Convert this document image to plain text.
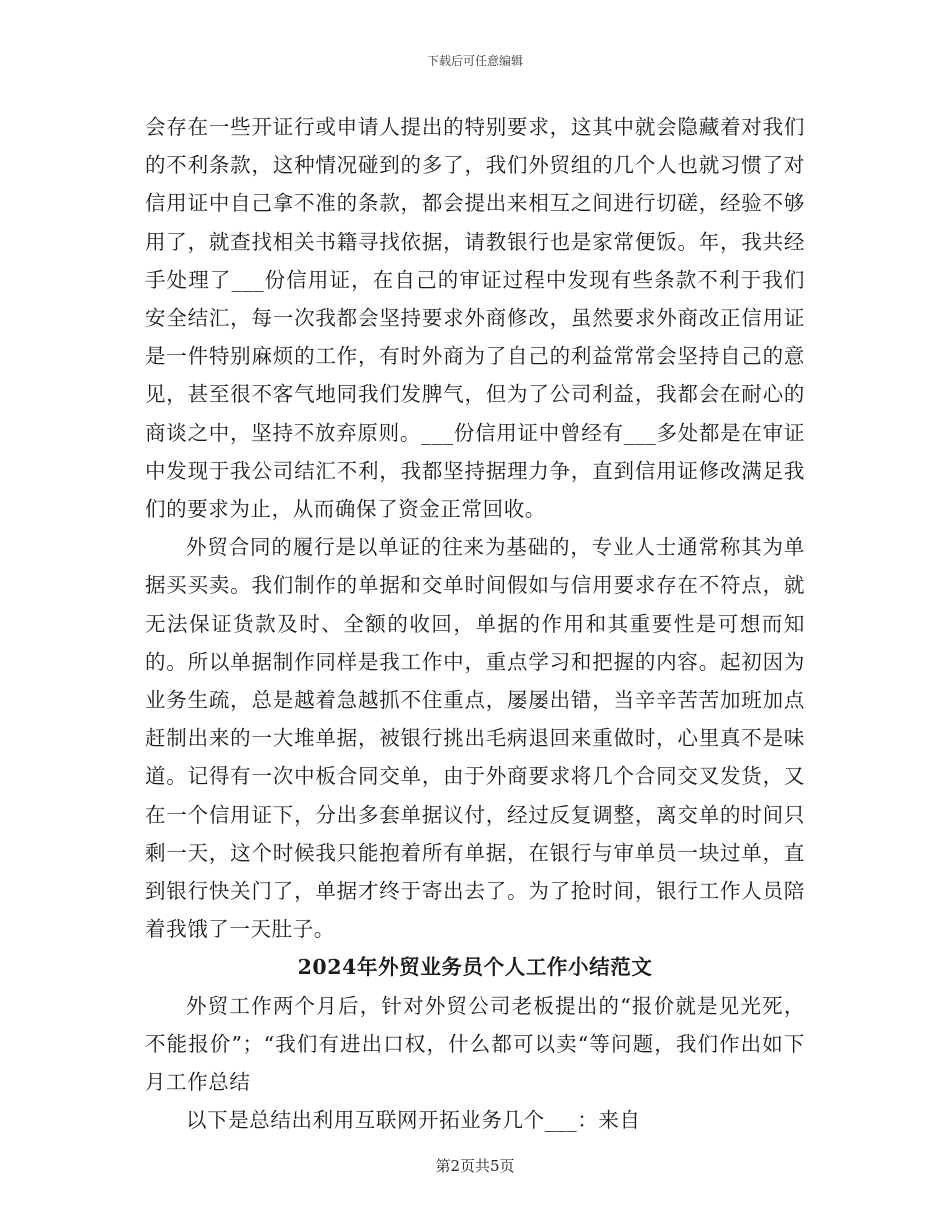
下载后可任意编辑

会存在一些开证行或申请人提出的特别要求，这其中就会隐藏着对我们的不利条款，这种情况碰到的多了，我们外贸组的几个人也就习惯了对信用证中自己拿不准的条款，都会提出来相互之间进行切磋，经验不够用了，就查找相关书籍寻找依据，请教银行也是家常便饭。年，我共经手处理了___份信用证，在自己的审证过程中发现有些条款不利于我们安全结汇，每一次我都会坚持要求外商修改，虽然要求外商改正信用证是一件特别麻烦的工作，有时外商为了自己的利益常常会坚持自己的意见，甚至很不客气地同我们发脾气，但为了公司利益，我都会在耐心的商谈之中，坚持不放弃原则。___份信用证中曾经有___多处都是在审证中发现于我公司结汇不利，我都坚持据理力争，直到信用证修改满足我们的要求为止，从而确保了资金正常回收。

外贸合同的履行是以单证的往来为基础的，专业人士通常称其为单据买买卖。我们制作的单据和交单时间假如与信用要求存在不符点，就无法保证货款及时、全额的收回，单据的作用和其重要性是可想而知的。所以单据制作同样是我工作中，重点学习和把握的内容。起初因为业务生疏，总是越着急越抓不住重点，屡屡出错，当辛辛苦苦加班加点赶制出来的一大堆单据，被银行挑出毛病退回来重做时，心里真不是味道。记得有一次中板合同交单，由于外商要求将几个合同交叉发货，又在一个信用证下，分出多套单据议付，经过反复调整，离交单的时间只剩一天，这个时候我只能抱着所有单据，在银行与审单员一块过单，直到银行快关门了，单据才终于寄出去了。为了抢时间，银行工作人员陪着我饿了一天肚子。

2024年外贸业务员个人工作小结范文

外贸工作两个月后，针对外贸公司老板提出的“报价就是见光死，不能报价”；“我们有进出口权，什么都可以卖“等问题，我们作出如下月工作总结

以下是总结出利用互联网开拓业务几个___：来自

第2页共5页
